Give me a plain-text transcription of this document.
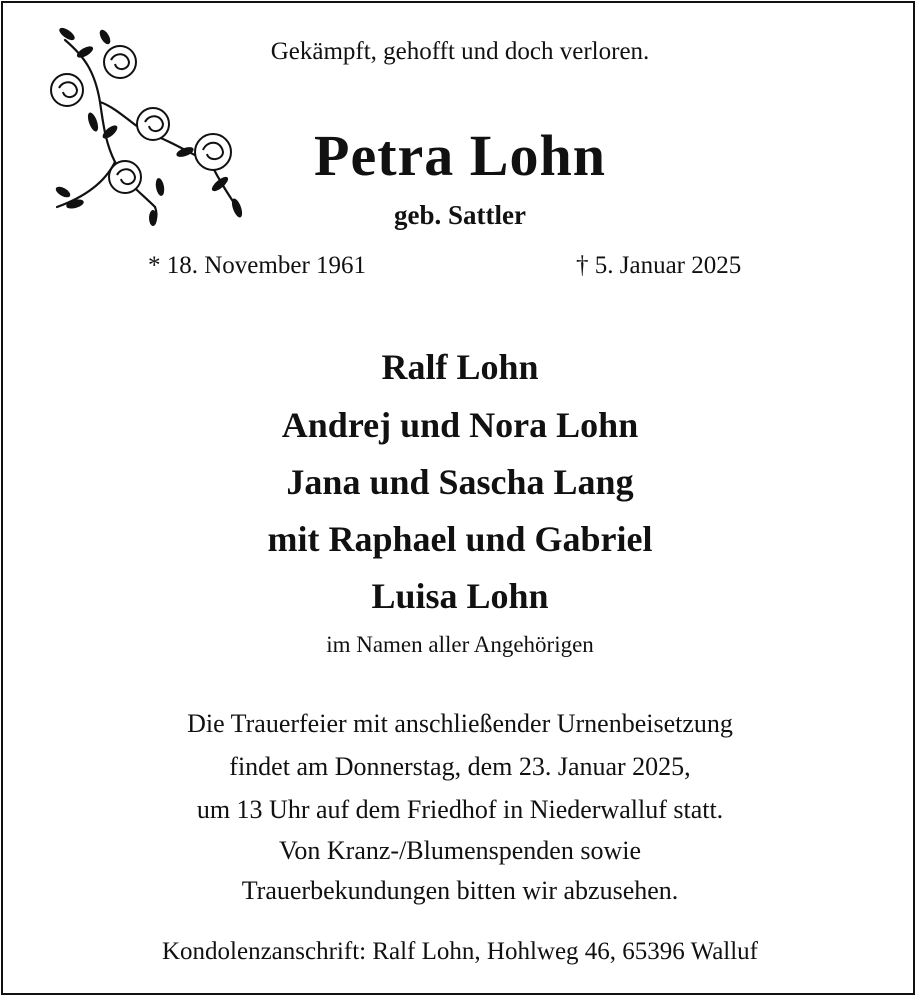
Gekämpft, gehofft und doch verloren.
Petra Lohn
geb. Sattler
* 18. November 1961	† 5. Januar 2025
Ralf Lohn
Andrej und Nora Lohn
Jana und Sascha Lang
mit Raphael und Gabriel
Luisa Lohn
im Namen aller Angehörigen
Die Trauerfeier mit anschließender Urnenbeisetzung
findet am Donnerstag, dem 23. Januar 2025,
um 13 Uhr auf dem Friedhof in Niederwalluf statt.
Von Kranz-/Blumenspenden sowie
Trauerbekundungen bitten wir abzusehen.
Kondolenzanschrift: Ralf Lohn, Hohlweg 46, 65396 Walluf
